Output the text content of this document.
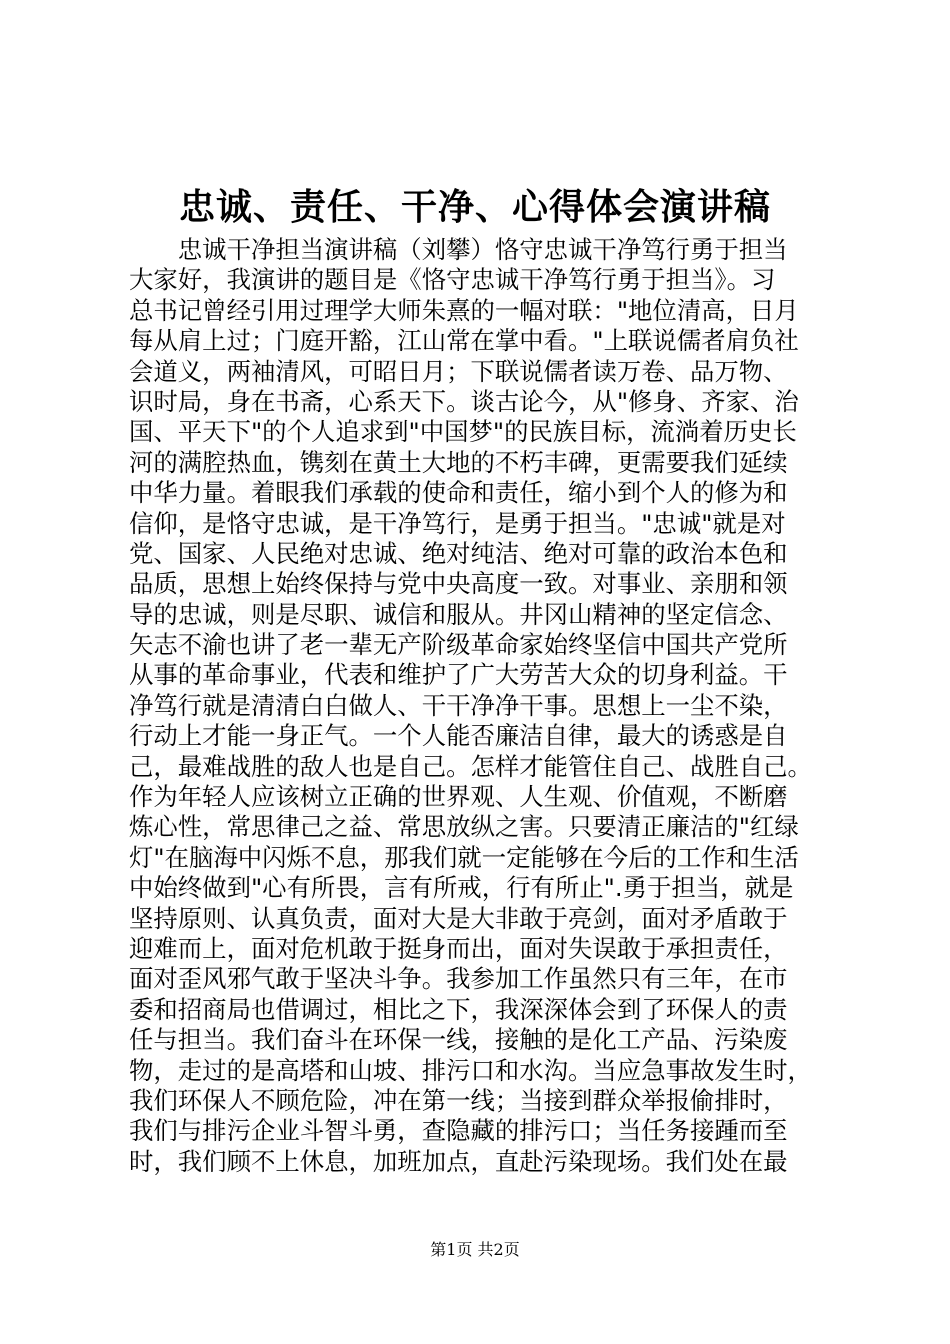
忠诚、责任、干净、心得体会演讲稿
　　忠诚干净担当演讲稿（刘攀）恪守忠诚干净笃行勇于担当
大家好，我演讲的题目是《恪守忠诚干净笃行勇于担当》。习
总书记曾经引用过理学大师朱熹的一幅对联："地位清高，日月
每从肩上过；门庭开豁，江山常在掌中看。"上联说儒者肩负社
会道义，两袖清风，可昭日月；下联说儒者读万卷、品万物、
识时局，身在书斋，心系天下。谈古论今，从"修身、齐家、治
国、平天下"的个人追求到"中国梦"的民族目标，流淌着历史长
河的满腔热血，镌刻在黄土大地的不朽丰碑，更需要我们延续
中华力量。着眼我们承载的使命和责任，缩小到个人的修为和
信仰，是恪守忠诚，是干净笃行，是勇于担当。"忠诚"就是对
党、国家、人民绝对忠诚、绝对纯洁、绝对可靠的政治本色和
品质，思想上始终保持与党中央高度一致。对事业、亲朋和领
导的忠诚，则是尽职、诚信和服从。井冈山精神的坚定信念、
矢志不渝也讲了老一辈无产阶级革命家始终坚信中国共产党所
从事的革命事业，代表和维护了广大劳苦大众的切身利益。干
净笃行就是清清白白做人、干干净净干事。思想上一尘不染，
行动上才能一身正气。一个人能否廉洁自律，最大的诱惑是自
己，最难战胜的敌人也是自己。怎样才能管住自己、战胜自己。
作为年轻人应该树立正确的世界观、人生观、价值观，不断磨
炼心性，常思律己之益、常思放纵之害。只要清正廉洁的"红绿
灯"在脑海中闪烁不息，那我们就一定能够在今后的工作和生活
中始终做到"心有所畏，言有所戒，行有所止".勇于担当，就是
坚持原则、认真负责，面对大是大非敢于亮剑，面对矛盾敢于
迎难而上，面对危机敢于挺身而出，面对失误敢于承担责任，
面对歪风邪气敢于坚决斗争。我参加工作虽然只有三年，在市
委和招商局也借调过，相比之下，我深深体会到了环保人的责
任与担当。我们奋斗在环保一线，接触的是化工产品、污染废
物，走过的是高塔和山坡、排污口和水沟。当应急事故发生时，
我们环保人不顾危险，冲在第一线；当接到群众举报偷排时，
我们与排污企业斗智斗勇，查隐藏的排污口；当任务接踵而至
时，我们顾不上休息，加班加点，直赴污染现场。我们处在最
第1页 共2页
